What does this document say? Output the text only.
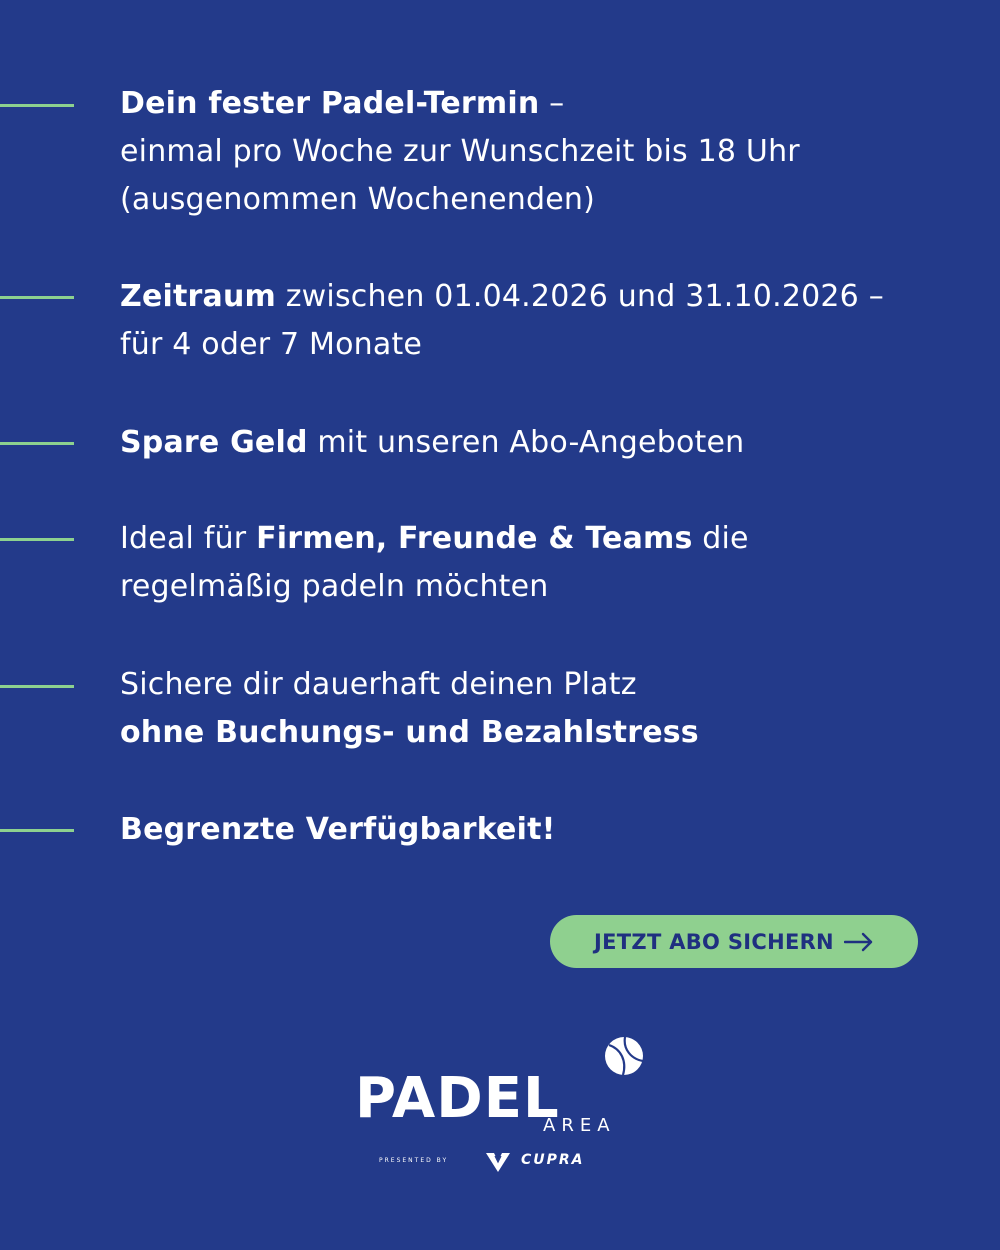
Dein fester Padel-Termin –
einmal pro Woche zur Wunschzeit bis 18 Uhr
(ausgenommen Wochenenden)
Zeitraum zwischen 01.04.2026 und 31.10.2026 –
für 4 oder 7 Monate
Spare Geld mit unseren Abo-Angeboten
Ideal für Firmen, Freunde & Teams die
regelmäßig padeln möchten
Sichere dir dauerhaft deinen Platz
ohne Buchungs- und Bezahlstress
Begrenzte Verfügbarkeit!
JETZT ABO SICHERN
PADEL
AREA
PRESENTED BY	CUPRA
